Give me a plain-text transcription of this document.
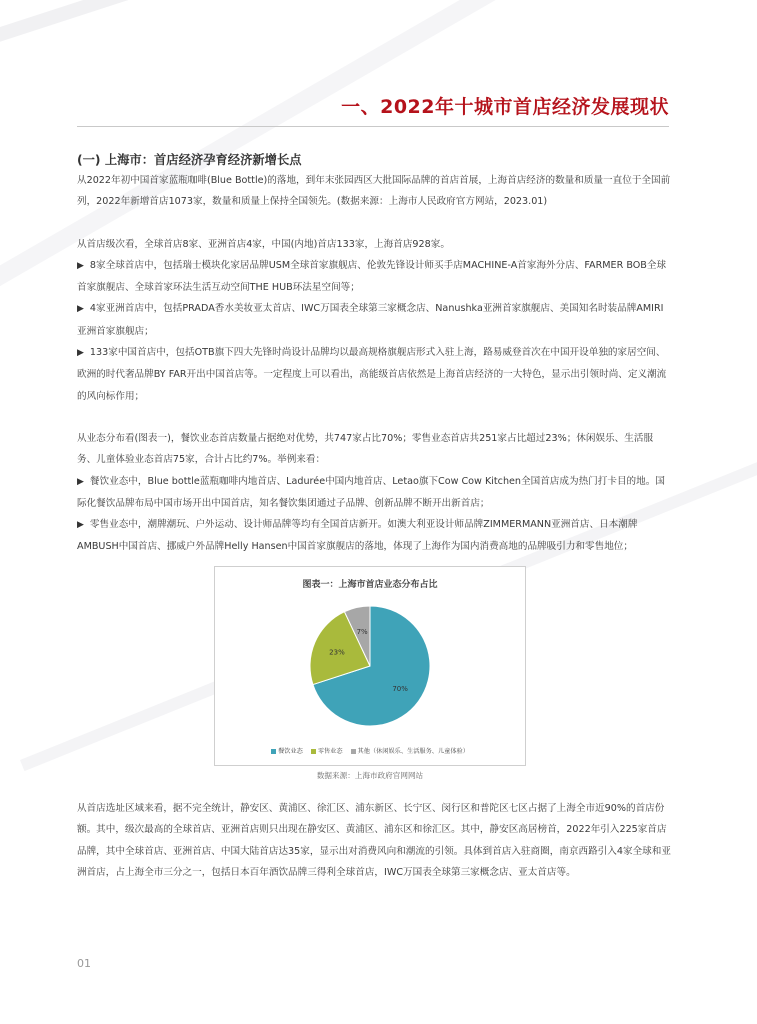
一、2022年十城市首店经济发展现状
(一) 上海市：首店经济孕育经济新增长点

从2022年初中国首家蓝瓶咖啡(Blue Bottle)的落地，到年末张园西区大批国际品牌的首店首展，上海首店经济的数量和质量一直位于全国前列，2022年新增首店1073家，数量和质量上保持全国领先。(数据来源：上海市人民政府官方网站，2023.01)

从首店级次看，全球首店8家、亚洲首店4家，中国(内地)首店133家，上海首店928家。

▶ 8家全球首店中，包括瑞士模块化家居品牌USM全球首家旗舰店、伦敦先锋设计师买手店MACHINE-A首家海外分店、FARMER BOB全球首家旗舰店、全球首家环法生活互动空间THE HUB环法星空间等；

▶ 4家亚洲首店中，包括PRADA香水美妆亚太首店、IWC万国表全球第三家概念店、Nanushka亚洲首家旗舰店、美国知名时装品牌AMIRI亚洲首家旗舰店；

▶ 133家中国首店中，包括OTB旗下四大先锋时尚设计品牌均以最高规格旗舰店形式入驻上海，路易威登首次在中国开设单独的家居空间、欧洲的时代奢品牌BY FAR开出中国首店等。一定程度上可以看出，高能级首店依然是上海首店经济的一大特色，显示出引领时尚、定义潮流的风向标作用；

从业态分布看(图表一)，餐饮业态首店数量占据绝对优势，共747家占比70%；零售业态首店共251家占比超过23%；休闲娱乐、生活服务、儿童体验业态首店75家，合计占比约7%。举例来看：

▶ 餐饮业态中，Blue bottle蓝瓶咖啡内地首店、Ladurée中国内地首店、Letao旗下Cow Cow Kitchen全国首店成为热门打卡目的地。国际化餐饮品牌布局中国市场开出中国首店，知名餐饮集团通过子品牌、创新品牌不断开出新首店；

▶ 零售业态中，潮牌潮玩、户外运动、设计师品牌等均有全国首店新开。如澳大利亚设计师品牌ZIMMERMANN亚洲首店、日本潮牌AMBUSH中国首店、挪威户外品牌Helly Hansen中国首家旗舰店的落地，体现了上海作为国内消费高地的品牌吸引力和零售地位；

图表一：上海市首店业态分布占比
70%
23%
7%
餐饮业态 零售业态 其他（休闲娱乐、生活服务、儿童体验）
数据来源：上海市政府官网网站

从首店选址区域来看，据不完全统计，静安区、黄浦区、徐汇区、浦东新区、长宁区、闵行区和普陀区七区占据了上海全市近90%的首店份额。其中，级次最高的全球首店、亚洲首店则只出现在静安区、黄浦区、浦东区和徐汇区。其中，静安区高居榜首，2022年引入225家首店品牌，其中全球首店、亚洲首店、中国大陆首店达35家，显示出对消费风向和潮流的引领。具体到首店入驻商圈，南京西路引入4家全球和亚洲首店，占上海全市三分之一，包括日本百年酒饮品牌三得利全球首店，IWC万国表全球第三家概念店、亚太首店等。

01
